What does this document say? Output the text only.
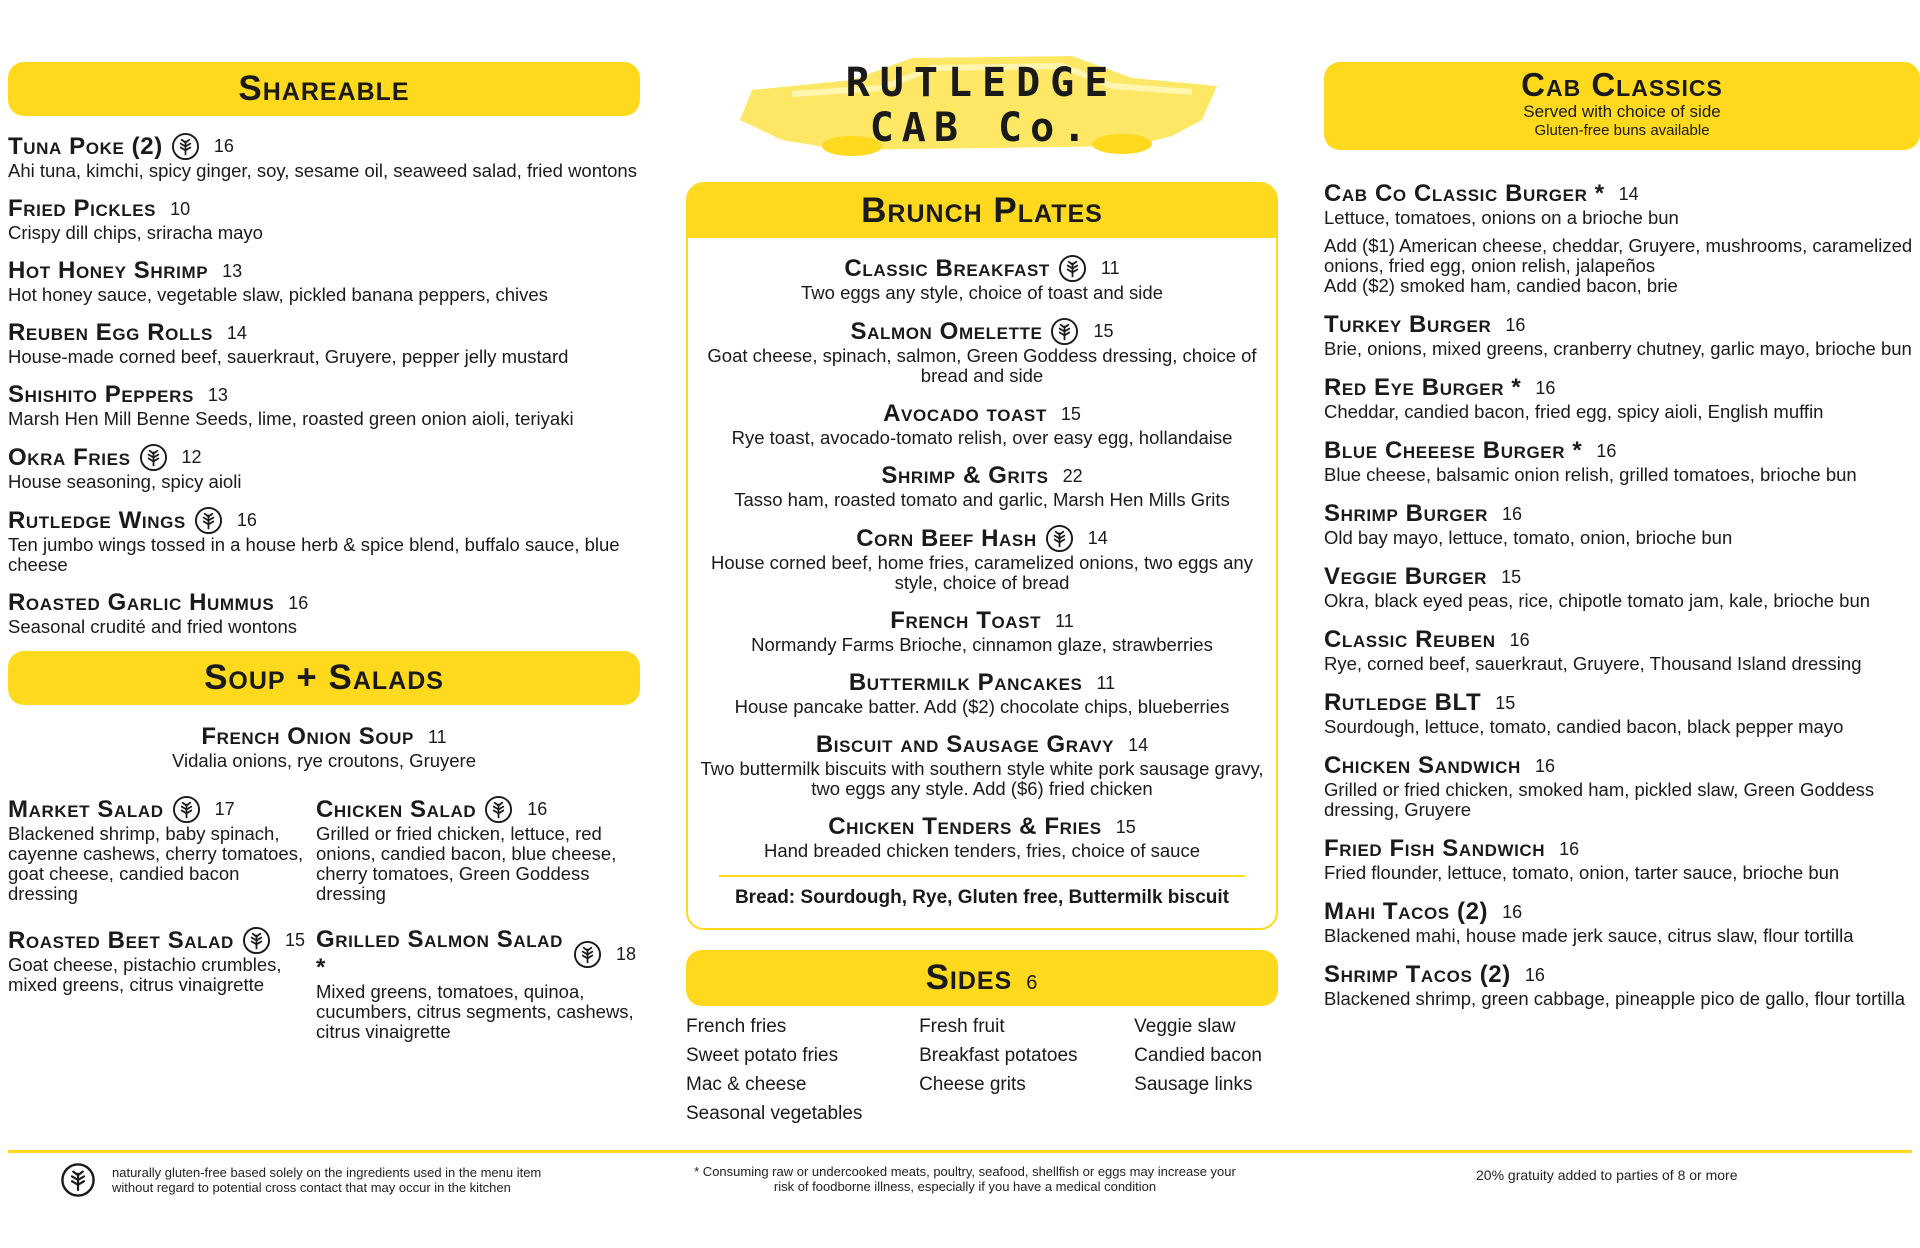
Shareable
Tuna Poke (2)	16
Ahi tuna, kimchi, spicy ginger, soy, sesame oil, seaweed salad, fried wontons
Fried Pickles 10
Crispy dill chips, sriracha mayo
Hot Honey Shrimp 13
Hot honey sauce, vegetable slaw, pickled banana peppers, chives
Reuben Egg Rolls 14
House-made corned beef, sauerkraut, Gruyere, pepper jelly mustard
Shishito Peppers 13
Marsh Hen Mill Benne Seeds, lime, roasted green onion aioli, teriyaki
Okra Fries	12
House seasoning, spicy aioli
Rutledge Wings	16
Ten jumbo wings tossed in a house herb & spice blend, buffalo sauce, blue cheese
Roasted Garlic Hummus 16
Seasonal crudité and fried wontons
Soup + Salads
French Onion Soup 11
Vidalia onions, rye croutons, Gruyere
Market Salad	17
Blackened shrimp, baby spinach, cayenne cashews, cherry tomatoes, goat cheese, candied bacon dressing
Chicken Salad	16
Grilled or fried chicken, lettuce, red onions, candied bacon, blue cheese, cherry tomatoes, Green Goddess dressing
Roasted Beet Salad	15
Goat cheese, pistachio crumbles, mixed greens, citrus vinaigrette
Grilled Salmon Salad *
18
Mixed greens, tomatoes, quinoa, cucumbers, citrus segments, cashews, citrus vinaigrette
RUTLEDGE
CAB Co.
Brunch Plates
Classic Breakfast	11
Two eggs any style, choice of toast and side
Salmon Omelette	15
Goat cheese, spinach, salmon, Green Goddess dressing, choice of bread and side
Avocado toast 15
Rye toast, avocado-tomato relish, over easy egg, hollandaise
Shrimp & Grits 22
Tasso ham, roasted tomato and garlic, Marsh Hen Mills Grits
Corn Beef Hash	14
House corned beef, home fries, caramelized onions, two eggs any style, choice of bread
French Toast 11
Normandy Farms Brioche, cinnamon glaze, strawberries
Buttermilk Pancakes 11
House pancake batter. Add ($2) chocolate chips, blueberries
Biscuit and Sausage Gravy 14
Two buttermilk biscuits with southern style white pork sausage gravy, two eggs any style. Add ($6) fried chicken
Chicken Tenders & Fries 15
Hand breaded chicken tenders, fries, choice of sauce
Bread: Sourdough, Rye, Gluten free, Buttermilk biscuit
Sides 6
French fries
Sweet potato fries
Mac & cheese
Seasonal vegetables
Fresh fruit
Breakfast potatoes
Cheese grits
Veggie slaw
Candied bacon
Sausage links
Cab Classics
Served with choice of side
Gluten-free buns available
Cab Co Classic Burger * 14
Lettuce, tomatoes, onions on a brioche bun
Add ($1) American cheese, cheddar, Gruyere, mushrooms, caramelized onions, fried egg, onion relish, jalapeños
Add ($2) smoked ham, candied bacon, brie
Turkey Burger 16
Brie, onions, mixed greens, cranberry chutney, garlic mayo, brioche bun
Red Eye Burger * 16
Cheddar, candied bacon, fried egg, spicy aioli, English muffin
Blue Cheeese Burger * 16
Blue cheese, balsamic onion relish, grilled tomatoes, brioche bun
Shrimp Burger 16
Old bay mayo, lettuce, tomato, onion, brioche bun
Veggie Burger 15
Okra, black eyed peas, rice, chipotle tomato jam, kale, brioche bun
Classic Reuben 16
Rye, corned beef, sauerkraut, Gruyere, Thousand Island dressing
Rutledge BLT 15
Sourdough, lettuce, tomato, candied bacon, black pepper mayo
Chicken Sandwich 16
Grilled or fried chicken, smoked ham, pickled slaw, Green Goddess dressing, Gruyere
Fried Fish Sandwich 16
Fried flounder, lettuce, tomato, onion, tarter sauce, brioche bun
Mahi Tacos (2) 16
Blackened mahi, house made jerk sauce, citrus slaw, flour tortilla
Shrimp Tacos (2) 16
Blackened shrimp, green cabbage, pineapple pico de gallo, flour tortilla
naturally gluten-free based solely on the ingredients used in the menu item
without regard to potential cross contact that may occur in the kitchen
* Consuming raw or undercooked meats, poultry, seafood, shellfish or eggs may increase your
risk of foodborne illness, especially if you have a medical condition
20% gratuity added to parties of 8 or more
